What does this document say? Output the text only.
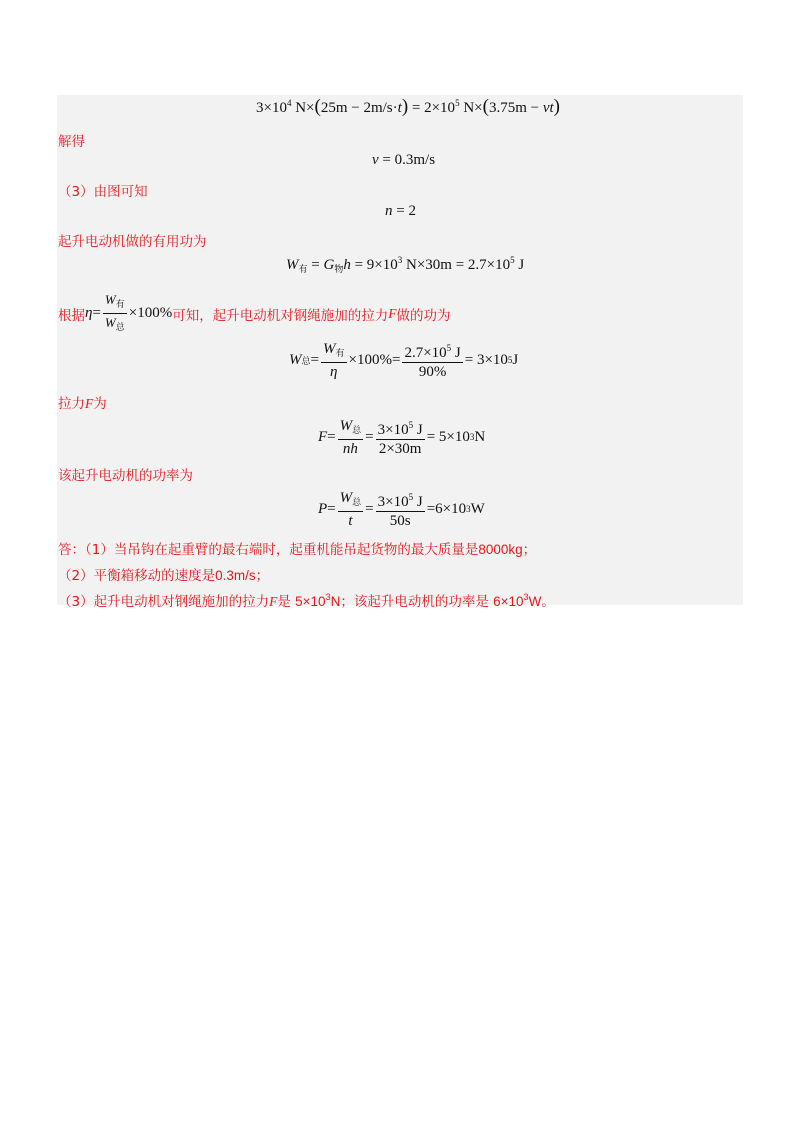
$3\times 10^4$ $N\times(25m - 2m/s\cdot t) = 2\times 10^5$ N×(3.75m − vt)
解得
v = 0.3m/s
（3）由图可知
n = 2
起升电动机做的有用功为
$W_有 = G_物h = 9\times 10^3$ $N\times 30m = 2.7\times 10^5$ J
根据 $\eta = \frac{W_有}{W_总} \times 100\%$ 可知，起升电动机对钢绳施加的拉力 F 做的功为
W 总 = $\frac{W_有}{\eta} \times 100\% = \frac{2.7\times 10^5 J}{90\%} = 3\times 10$ 5 J
拉力F为
$F = \frac{W_总}{nh} = \frac{3\times 10^5 J}{2\times 30m} = 5\times 10$ 3 N
该起升电动机的功率为
$P = \frac{W_总}{t} = \frac{3\times 10^5 J}{50s} =6\times 10$ 3 W
答：（1）当吊钩在起重臂的最右端时，起重机能吊起货物的最大质量是8000kg；
（2）平衡箱移动的速度是0.3m/s；
（3）起升电动机对钢绳施加的拉力F是 $5\times 10^3N$；该起升电动机的功率是 $6\times 10^3W$。
